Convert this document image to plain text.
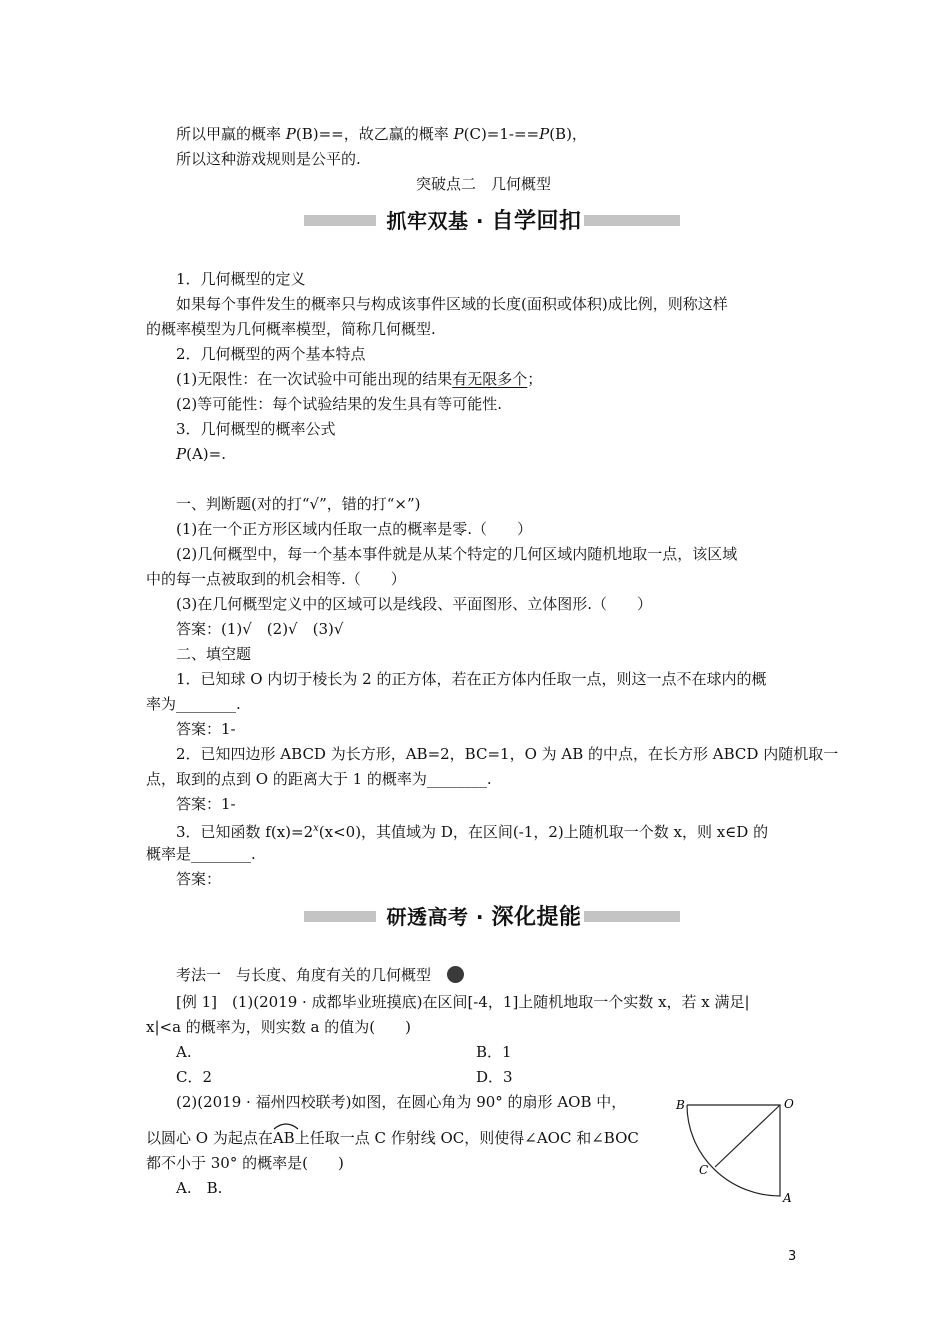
所以甲赢的概率 P(B)==，故乙赢的概率 P(C)=1-==P(B)，
所以这种游戏规则是公平的.
突破点二　几何概型
抓牢双基 · 自学回扣
1．几何概型的定义
如果每个事件发生的概率只与构成该事件区域的长度(面积或体积)成比例，则称这样
的概率模型为几何概率模型，简称几何概型.
2．几何概型的两个基本特点
(1)无限性：在一次试验中可能出现的结果有无限多个；
(2)等可能性：每个试验结果的发生具有等可能性.
3．几何概型的概率公式
P(A)=.
一、判断题(对的打“√”，错的打“×”)
(1)在一个正方形区域内任取一点的概率是零.（　　）
(2)几何概型中，每一个基本事件就是从某个特定的几何区域内随机地取一点，该区域
中的每一点被取到的机会相等.（　　）
(3)在几何概型定义中的区域可以是线段、平面图形、立体图形.（　　）
答案：(1)√　(2)√　(3)√
二、填空题
1．已知球 O 内切于棱长为 2 的正方体，若在正方体内任取一点，则这一点不在球内的概
率为________.
答案：1-
2．已知四边形 ABCD 为长方形，AB=2，BC=1，O 为 AB 的中点，在长方形 ABCD 内随机取一
点，取到的点到 O 的距离大于 1 的概率为________.
答案：1-
3．已知函数 $f(x)=2^x(x<0)$，其值域为 D，在区间(-1，2)上随机取一个数 x，则 x∈D 的
概率是________.
答案：
研透高考 · 深化提能
考法一　与长度、角度有关的几何概型
[例 1]　(1)(2019 · 成都毕业班摸底)在区间[-4，1]上随机地取一个实数 x，若 x 满足|
x|<a 的概率为，则实数 a 的值为(　　)
A.	B．1
C．2	D．3
(2)(2019 · 福州四校联考)如图，在圆心角为 90° 的扇形 AOB 中，
以圆心 O 为起点在
AB上任取一点 C 作射线 OC，则使得∠AOC 和∠BOC
都不小于 30° 的概率是(　　)
A.　B.
B	O
C
A
3
